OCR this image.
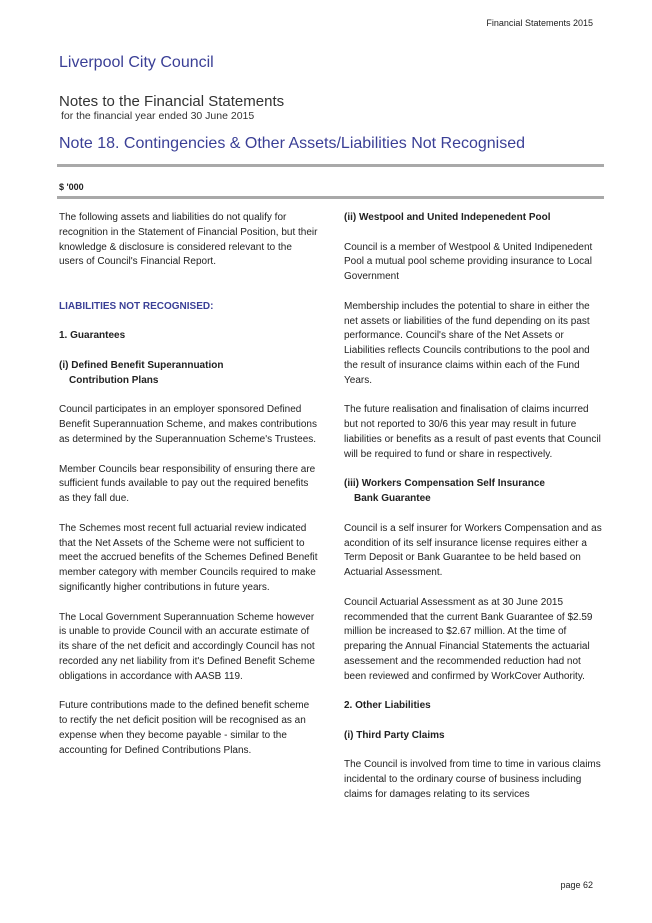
Financial Statements 2015
Liverpool City Council
Notes to the Financial Statements
for the financial year ended 30 June 2015
Note 18. Contingencies & Other Assets/Liabilities Not Recognised
$ '000

The following assets and liabilities do not qualify for recognition in the Statement of Financial Position, but their knowledge & disclosure is considered relevant to the users of Council's Financial Report.

LIABILITIES NOT RECOGNISED:

1. Guarantees

(i) Defined Benefit Superannuation
Contribution Plans

Council participates in an employer sponsored Defined Benefit Superannuation Scheme, and makes contributions as determined by the Superannuation Scheme's Trustees.

Member Councils bear responsibility of ensuring there are sufficient funds available to pay out the required benefits as they fall due.

The Schemes most recent full actuarial review indicated that the Net Assets of the Scheme were not sufficient to meet the accrued benefits of the Schemes Defined Benefit member category with member Councils required to make significantly higher contributions in future years.

The Local Government Superannuation Scheme however is unable to provide Council with an accurate estimate of its share of the net deficit and accordingly Council has not recorded any net liability from it's Defined Benefit Scheme obligations in accordance with AASB 119.

Future contributions made to the defined benefit scheme to rectify the net deficit position will be recognised as an expense when they become payable - similar to the accounting for Defined Contributions Plans.

(ii) Westpool and United Indepenedent Pool

Council is a member of Westpool & United Indipenedent Pool a mutual pool scheme providing insurance to Local Government

Membership includes the potential to share in either the net assets or liabilities of the fund depending on its past performance. Council's share of the Net Assets or Liabilities reflects Councils contributions to the pool and the result of insurance claims within each of the Fund Years.

The future realisation and finalisation of claims incurred but not reported to 30/6 this year may result in future liabilities or benefits as a result of past events that Council will be required to fund or share in respectively.

(iii) Workers Compensation Self Insurance
Bank Guarantee

Council is a self insurer for Workers Compensation and as acondition of its self insurance license requires either a Term Deposit or Bank Guarantee to be held based on Actuarial Assessment.

Council Actuarial Assessment as at 30 June 2015 recommended that the current Bank Guarantee of $2.59 million be increased to $2.67 million. At the time of preparing the Annual Financial Statements the actuarial asessement and the recommended reduction had not been reviewed and confirmed by WorkCover Authority.

2. Other Liabilities

(i) Third Party Claims

The Council is involved from time to time in various claims incidental to the ordinary course of business including claims for damages relating to its services

page 62
